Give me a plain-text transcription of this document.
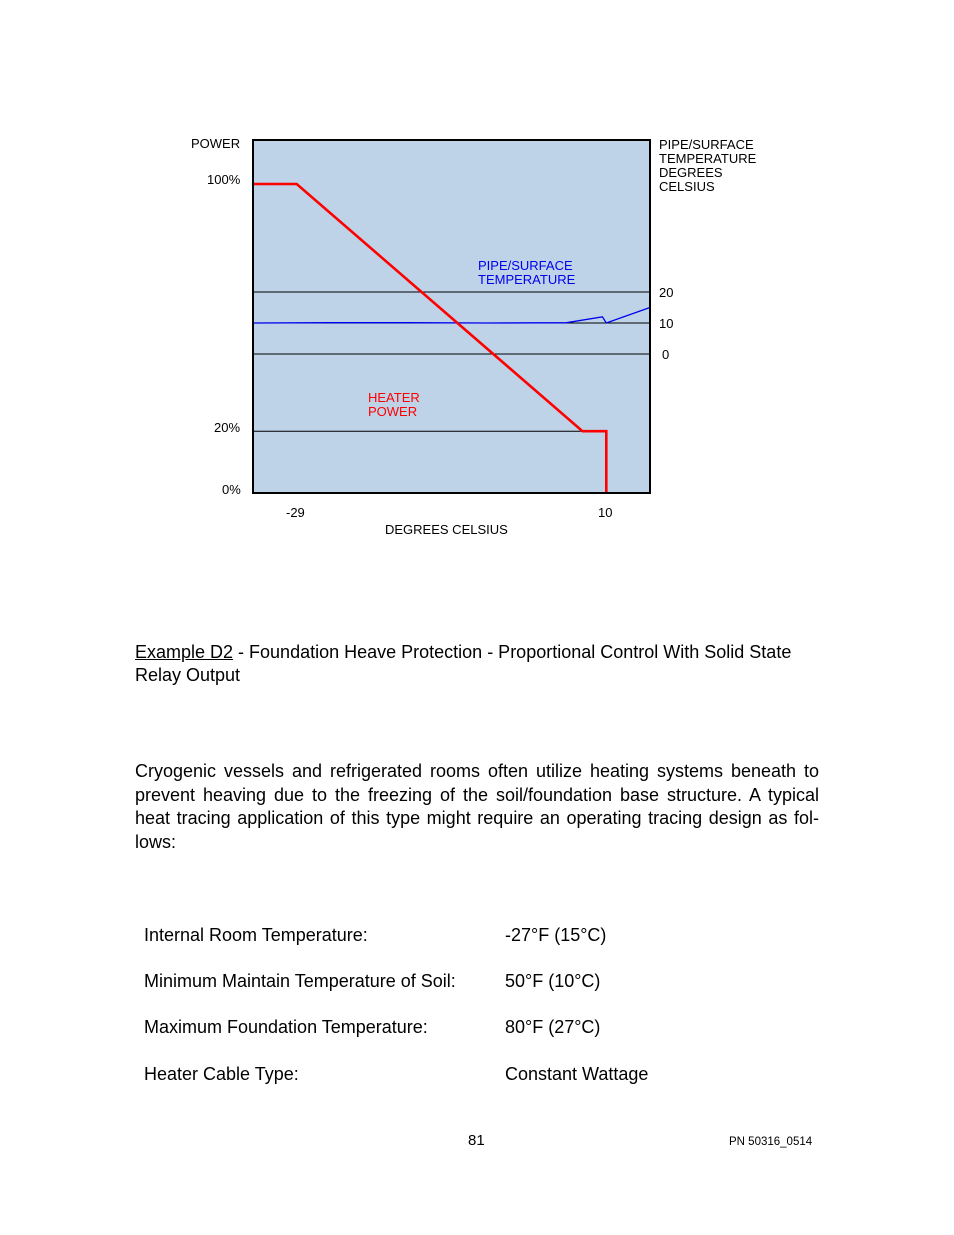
POWER	PIPE/SURFACE
TEMPERATURE
DEGREES
CELSIUS
100%
20%
0%
20
10
0
-29	10
DEGREES CELSIUS
PIPE/SURFACE
TEMPERATURE
HEATER
POWER
Example D2 - Foundation Heave Protection - Proportional Control With Solid State Relay Output
Cryogenic vessels and refrigerated rooms often utilize heating systems beneath to prevent heaving due to the freezing of the soil/foundation base structure. A typical heat tracing application of this type might require an operating tracing design as fol-lows:
Internal Room Temperature:	-27°F (15°C)
Minimum Maintain Temperature of Soil:	50°F (10°C)
Maximum Foundation Temperature:	80°F (27°C)
Heater Cable Type:	Constant Wattage
81	PN 50316_0514
